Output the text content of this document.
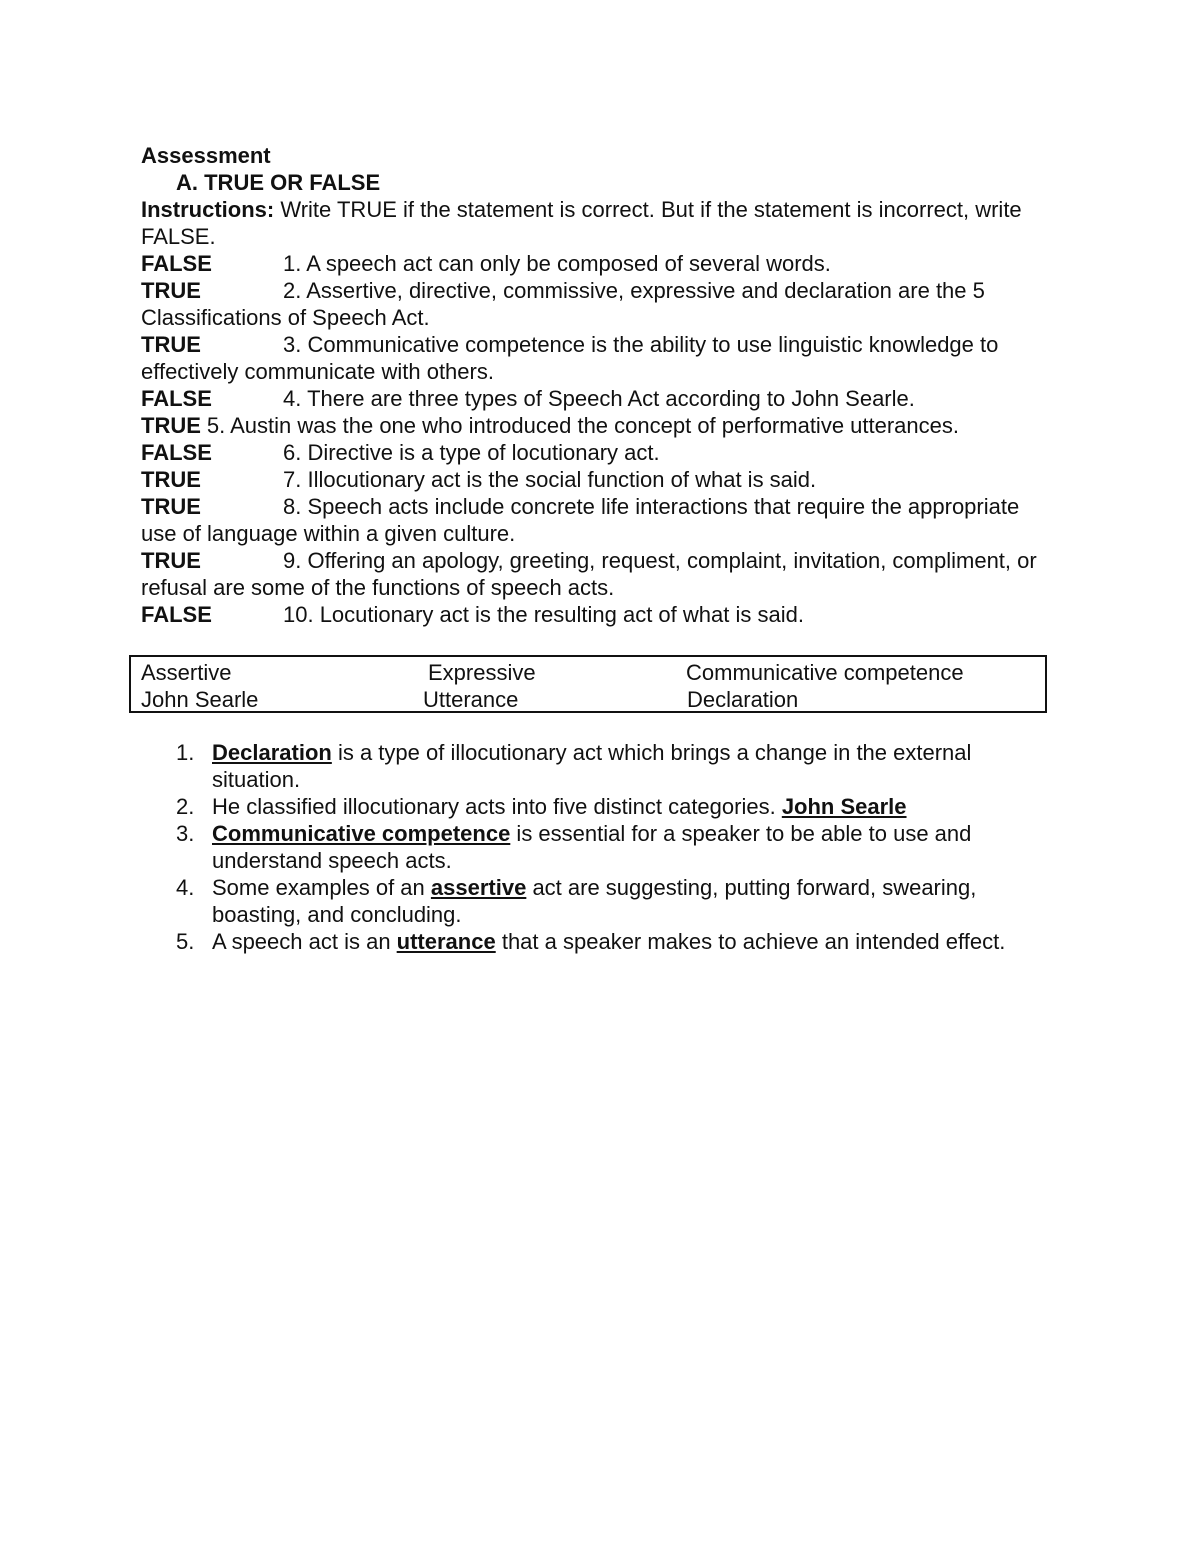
Assessment

A. TRUE OR FALSE

Instructions: Write TRUE if the statement is correct. But if the statement is incorrect, write FALSE.

FALSE	1. A speech act can only be composed of several words.

TRUE	2. Assertive, directive, commissive, expressive and declaration are the 5 Classifications of Speech Act.

TRUE	3. Communicative competence is the ability to use linguistic knowledge to effectively communicate with others.

FALSE	4. There are three types of Speech Act according to John Searle.

TRUE 5. Austin was the one who introduced the concept of performative utterances.

FALSE	6. Directive is a type of locutionary act.

TRUE	7. Illocutionary act is the social function of what is said.

TRUE	8. Speech acts include concrete life interactions that require the appropriate use of language within a given culture.

TRUE	9. Offering an apology, greeting, request, complaint, invitation, compliment, or refusal are some of the functions of speech acts.

FALSE	10. Locutionary act is the resulting act of what is said.

Assertive	Expressive	Communicative competence
John Searle	Utterance	Declaration
1. Declaration is a type of illocutionary act which brings a change in the external situation.
2. He classified illocutionary acts into five distinct categories. John Searle
3. Communicative competence is essential for a speaker to be able to use and understand speech acts.
4. Some examples of an assertive act are suggesting, putting forward, swearing, boasting, and concluding.
5. A speech act is an utterance that a speaker makes to achieve an intended effect.
